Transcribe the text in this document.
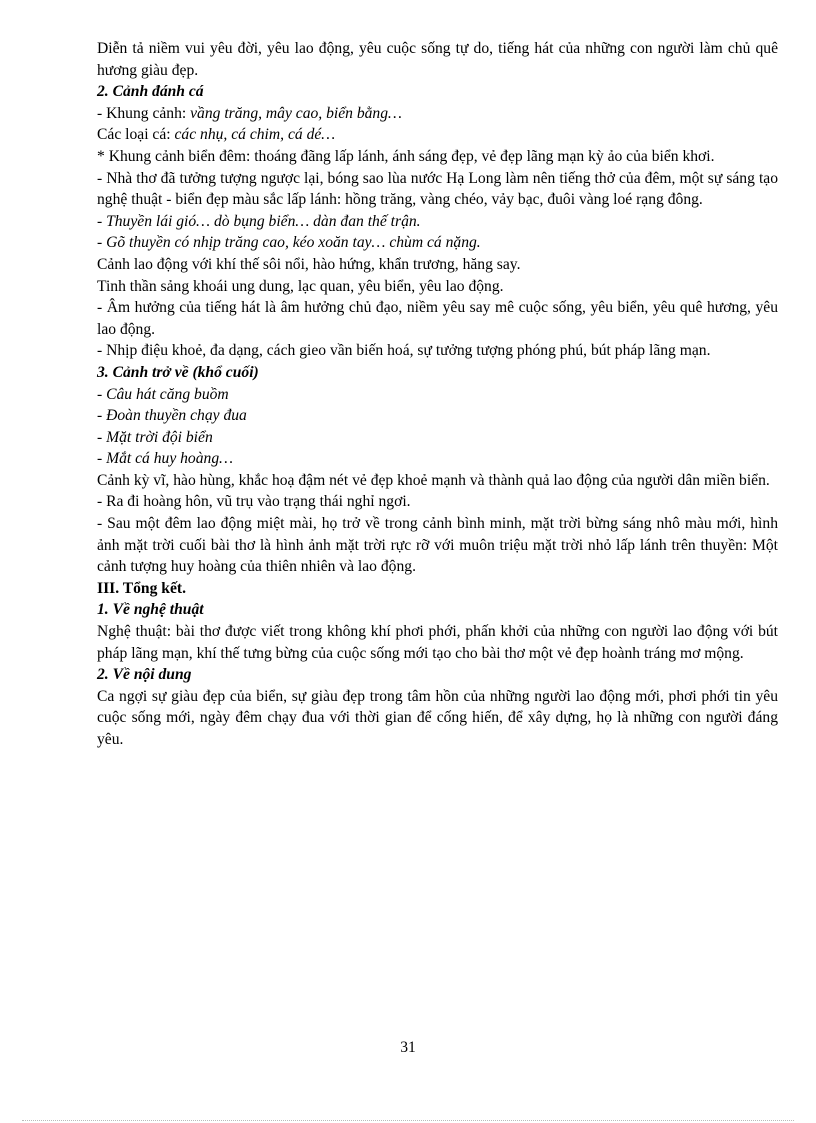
Diễn tả niềm vui yêu đời, yêu lao động, yêu cuộc sống tự do, tiếng hát của những con người làm chủ quê hương giàu đẹp.

2. Cảnh đánh cá

- Khung cảnh: vầng trăng, mây cao, biển bằng…

Các loại cá: các nhụ, cá chim, cá dé…

* Khung cảnh biển đêm: thoáng đãng lấp lánh, ánh sáng đẹp, vẻ đẹp lãng mạn kỳ ảo của biển khơi.

- Nhà thơ đã tưởng tượng ngược lại, bóng sao lùa nước Hạ Long làm nên tiếng thở của đêm, một sự sáng tạo nghệ thuật - biển đẹp màu sắc lấp lánh: hồng trăng, vàng chéo, vảy bạc, đuôi vàng loé rạng đông.

- Thuyền lái gió… dò bụng biển… dàn đan thế trận.

- Gõ thuyền có nhịp trăng cao, kéo xoăn tay… chùm cá nặng.

Cảnh lao động với khí thế sôi nổi, hào hứng, khẩn trương, hăng say.

Tinh thần sảng khoái ung dung, lạc quan, yêu biển, yêu lao động.

- Âm hưởng của tiếng hát là âm hưởng chủ đạo, niềm yêu say mê cuộc sống, yêu biển, yêu quê hương, yêu lao động.

- Nhịp điệu khoẻ, đa dạng, cách gieo vần biến hoá, sự tưởng tượng phóng phú, bút pháp lãng mạn.

3. Cảnh trở về (khổ cuối)

- Câu hát căng buồm

- Đoàn thuyền chạy đua

- Mặt trời đội biển

- Mắt cá huy hoàng…

Cảnh kỳ vĩ, hào hùng, khắc hoạ đậm nét vẻ đẹp khoẻ mạnh và thành quả lao động của người dân miền biển.

- Ra đi hoàng hôn, vũ trụ vào trạng thái nghỉ ngơi.

- Sau một đêm lao động miệt mài, họ trở về trong cảnh bình minh, mặt trời bừng sáng nhô màu mới, hình ảnh mặt trời cuối bài thơ là hình ảnh mặt trời rực rỡ với muôn triệu mặt trời nhỏ lấp lánh trên thuyền: Một cảnh tượng huy hoàng của thiên nhiên và lao động.

III. Tổng kết.

1. Về nghệ thuật

Nghệ thuật: bài thơ được viết trong không khí phơi phới, phấn khởi của những con người lao động với bút pháp lãng mạn, khí thế tưng bừng của cuộc sống mới tạo cho bài thơ một vẻ đẹp hoành tráng mơ mộng.

2. Về nội dung

Ca ngợi sự giàu đẹp của biển, sự giàu đẹp trong tâm hồn của những người lao động mới, phơi phới tin yêu cuộc sống mới, ngày đêm chạy đua với thời gian để cống hiến, để xây dựng, họ là những con người đáng yêu.

31
